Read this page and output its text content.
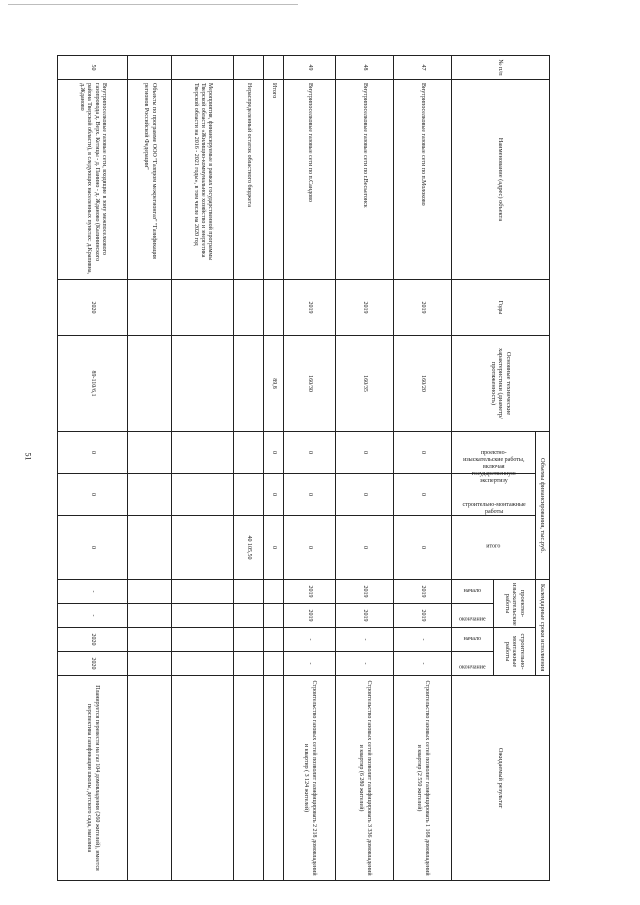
51
№ п/п	Наименование (адрес) объекта	Годы	Основные технические характеристики (диаметр/протяженность)	Объемы финансирования, тыс.руб.			Календарные сроки исполнения				Ожидаемый результат
				проектно-изыскательские работы, включая государственную экспертизу	строительно-монтажные работы	итого	проектно-изыскательские работы		строительно-монтажные работы		
							начало	окончание	начало	окончание	
47	Внутрипоселковые газовые сети по п.Молоково	2019	160/20	0	0	0	2019	2019	-	-	Строительство газовых сетей позволит газифицировать 1 168 домовладений и квартир (2 550 жителей)
48	Внутрипоселковые газовые сети по г.Весьегонск	2019	160/35	0	0	0	2019	2019	-	-	Строительство газовых сетей позволит газифицировать 3 336 домовладений и квартир (6 280 жителей)
49	Внутрипоселковые газовые сети по п.Сандово	2019	160/30	0	0	0	2019	2019	-	-	Строительство газовых сетей позволит газифицировать 2 218 домовладений и квартир ( 3 124 жителей)
	Итого		89,8	0	0	0					
	Нераспределенный остаток областного бюджета					40 105,50					
	Мероприятия, финансируемые в рамках государственной программы Тверской области «Жилищно-коммунальное хозяйство и энергетика Тверской области на 2016 - 2021 годы», в том числе на 2020 год										
	Объекты по программе ООО "Газпром межрегионгаз" "Газификация регионов Российской Федерации"										
50	Внутрипоселковые газовые сети, входящие в зону межпоселкового газопровода д. Верх. Кетицы - д. Панино - д. Жданово (Калининского района Тверской области), в следующих населенных пунктах: д.Крапивна, д.Жданово	2020	89-110/6,1	0	0	0	-	-	2020	2020	Планируется перевести на газ 104 домовладения (260 жителей), имеется перспектива газификации школы, детского сада, магазина
